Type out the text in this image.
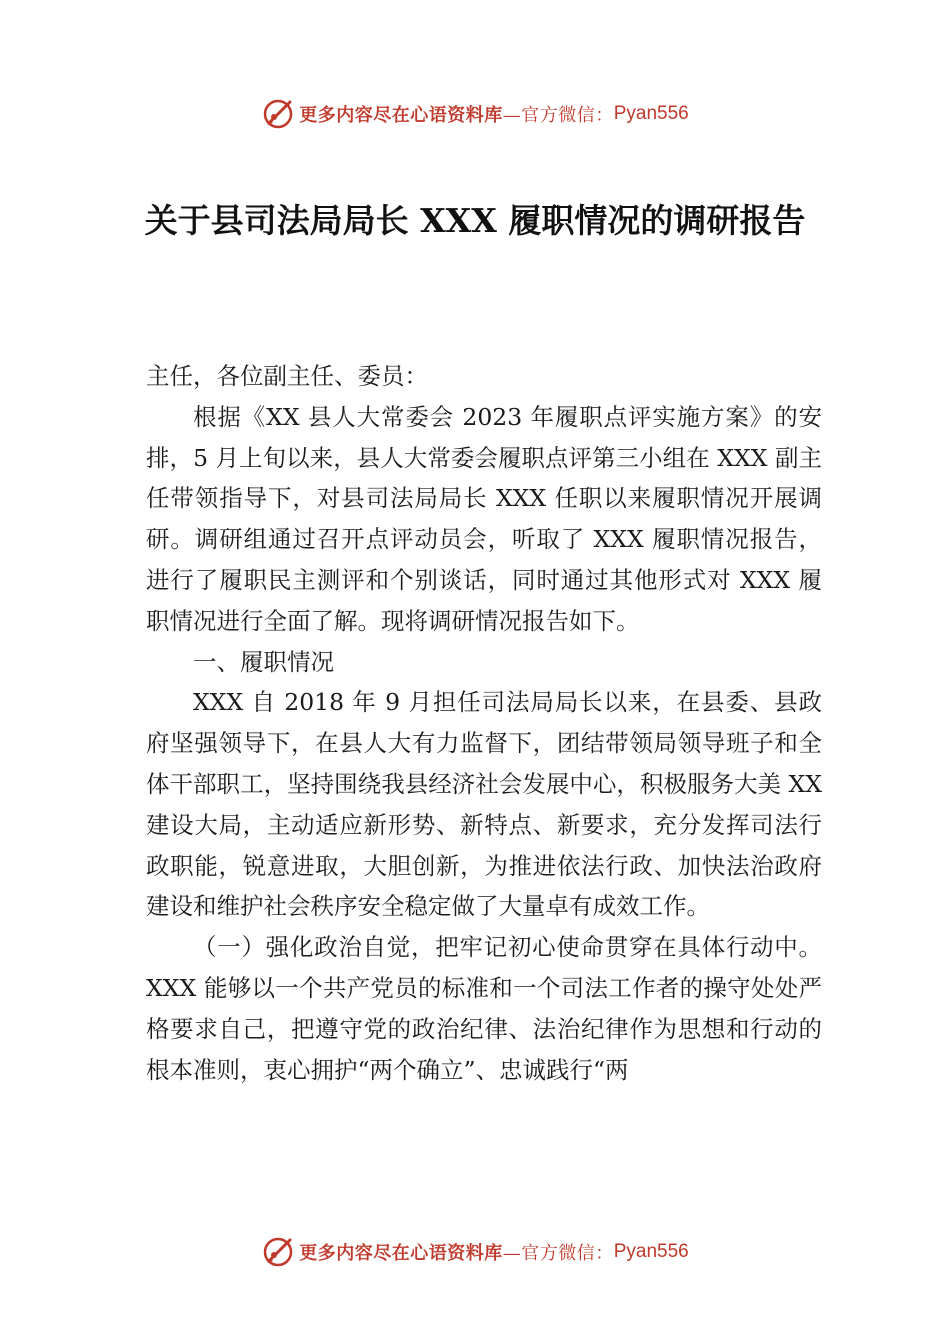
更多内容尽在心语资料库—官方微信： Pyan556
关于县司法局局长 XXX 履职情况的调研报告

主任，各位副主任、委员：

根据《XX 县人大常委会 2023 年履职点评实施方案》的安排，5 月上旬以来，县人大常委会履职点评第三小组在 XXX 副主任带领指导下，对县司法局局长 XXX 任职以来履职情况开展调研。调研组通过召开点评动员会，听取了 XXX 履职情况报告，进行了履职民主测评和个别谈话，同时通过其他形式对 XXX 履职情况进行全面了解。现将调研情况报告如下。

一、履职情况

XXX 自 2018 年 9 月担任司法局局长以来，在县委、县政府坚强领导下，在县人大有力监督下，团结带领局领导班子和全体干部职工，坚持围绕我县经济社会发展中心，积极服务大美 XX 建设大局，主动适应新形势、新特点、新要求，充分发挥司法行政职能，锐意进取，大胆创新，为推进依法行政、加快法治政府建设和维护社会秩序安全稳定做了大量卓有成效工作。

（一）强化政治自觉，把牢记初心使命贯穿在具体行动中。XXX 能够以一个共产党员的标准和一个司法工作者的操守处处严格要求自己，把遵守党的政治纪律、法治纪律作为思想和行动的根本准则，衷心拥护“两个确立”、忠诚践行“两

更多内容尽在心语资料库—官方微信： Pyan556
